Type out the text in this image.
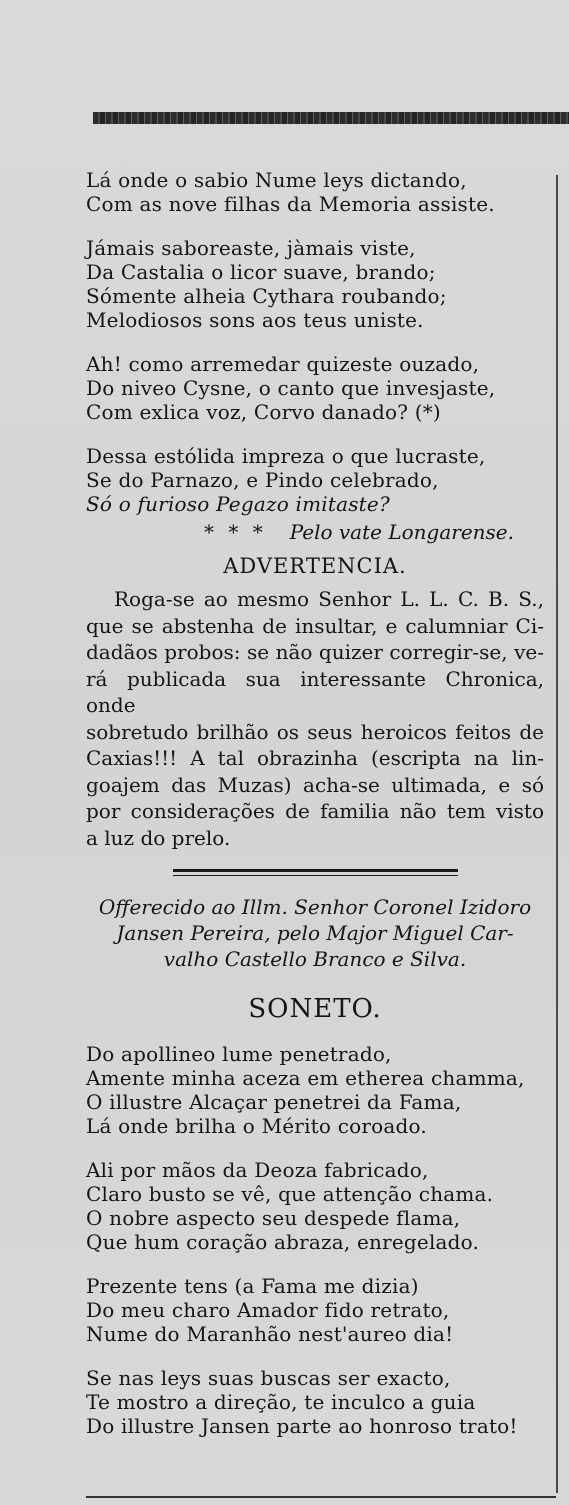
Lá onde o sabio Nume leys dictando,
Com as nove filhas da Memoria assiste.
Jámais saboreaste, jàmais viste,
Da Castalia o licor suave, brando;
Sómente alheia Cythara roubando;
Melodiosos sons aos teus uniste.
Ah! como arremedar quizeste ouzado,
Do niveo Cysne, o canto que invesjaste,
Com exlica voz, Corvo danado? (*)
Dessa estólida impreza o que lucraste,
Se do Parnazo, e Pindo celebrado,
Só o furioso Pegazo imitaste?
* * * Pelo vate Longarense.
ADVERTENCIA.
Roga-se ao mesmo Senhor L. L. C. B. S.,
que se abstenha de insultar, e calumniar Ci-
dadãos probos: se não quizer corregir-se, ve-
rá publicada sua interessante Chronica, onde
sobretudo brilhão os seus heroicos feitos de
Caxias!!! A tal obrazinha (escripta na lin-
goajem das Muzas) acha-se ultimada, e só
por considerações de familia não tem visto
a luz do prelo.
Offerecido ao Illm. Senhor Coronel Izidoro
Jansen Pereira, pelo Major Miguel Car-
valho Castello Branco e Silva.
SONETO.
Do apollineo lume penetrado,
Amente minha aceza em etherea chamma,
O illustre Alcaçar penetrei da Fama,
Lá onde brilha o Mérito coroado.
Ali por mãos da Deoza fabricado,
Claro busto se vê, que attenção chama.
O nobre aspecto seu despede flama,
Que hum coração abraza, enregelado.
Prezente tens (a Fama me dizia)
Do meu charo Amador fido retrato,
Nume do Maranhão nest'aureo dia!
Se nas leys suas buscas ser exacto,
Te mostro a direção, te inculco a guia
Do illustre Jansen parte ao honroso trato!
